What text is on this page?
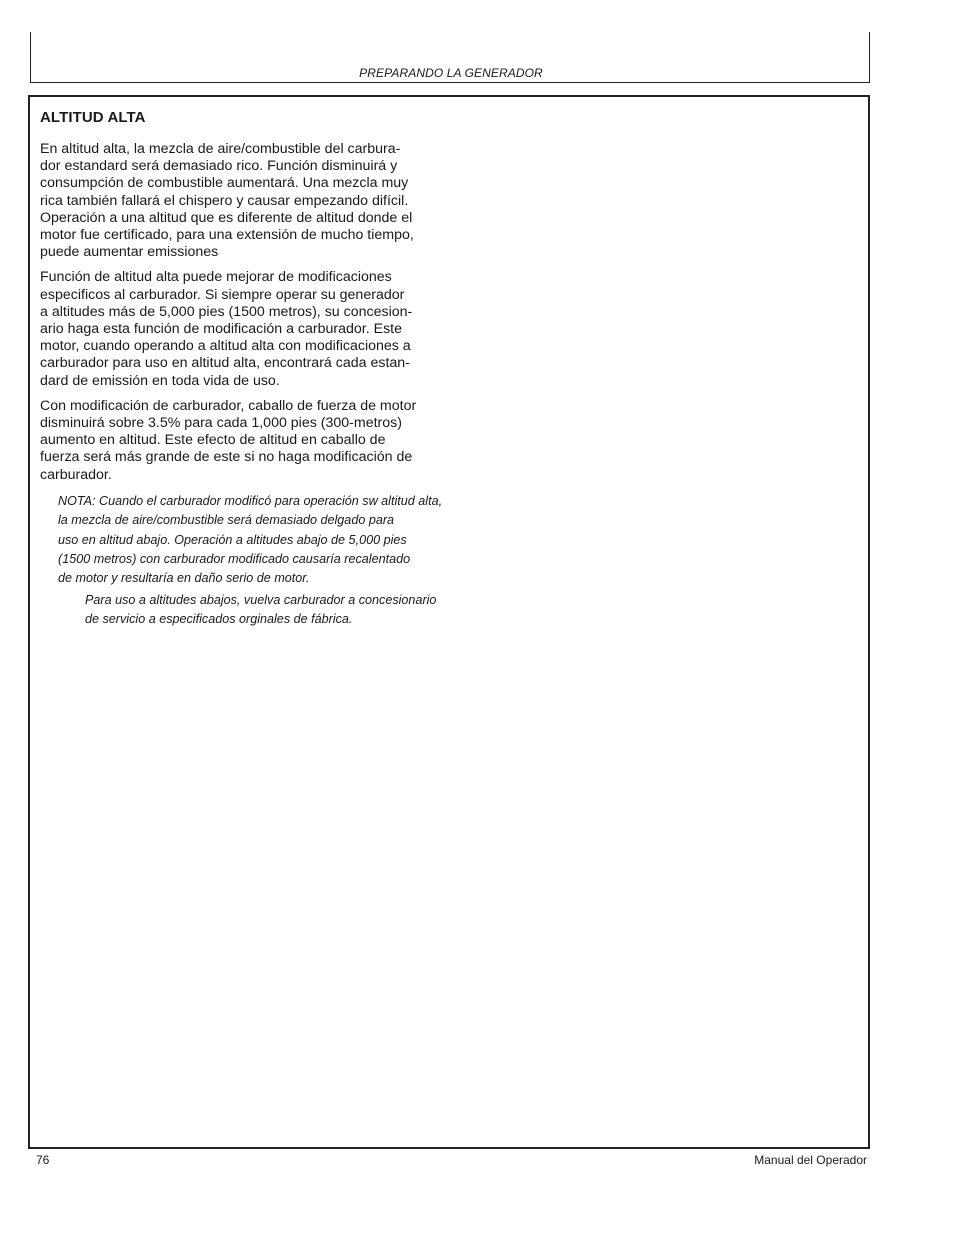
PREPARANDO LA GENERADOR
ALTITUD ALTA

En altitud alta, la mezcla de aire/combustible del carbura-
dor estandard será demasiado rico. Función disminuirá y
consumpción de combustible aumentará. Una mezcla muy
rica también fallará el chispero y causar empezando difícil.
Operación a una altitud que es diferente de altitud donde el
motor fue certificado, para una extensión de mucho tiempo,
puede aumentar emissiones

Función de altitud alta puede mejorar de modificaciones
especificos al carburador. Si siempre operar su generador
a altitudes más de 5,000 pies (1500 metros), su concesion-
ario haga esta función de modificación a carburador. Este
motor, cuando operando a altitud alta con modificaciones a
carburador para uso en altitud alta, encontrará cada estan-
dard de emissión en toda vida de uso.

Con modificación de carburador, caballo de fuerza de motor
disminuirá sobre 3.5% para cada 1,000 pies (300-metros)
aumento en altitud. Este efecto de altitud en caballo de
fuerza será más grande de este si no haga modificación de
carburador.

NOTA: Cuando el carburador modificó para operación sw altitud alta,
la mezcla de aire/combustible será demasiado delgado para
uso en altitud abajo. Operación a altitudes abajo de 5,000 pies
(1500 metros) con carburador modificado causaría recalentado
de motor y resultaría en daño serio de motor.
Para uso a altitudes abajos, vuelva carburador a concesionario
de servicio a especificados orginales de fábrica.
76	Manual del Operador
